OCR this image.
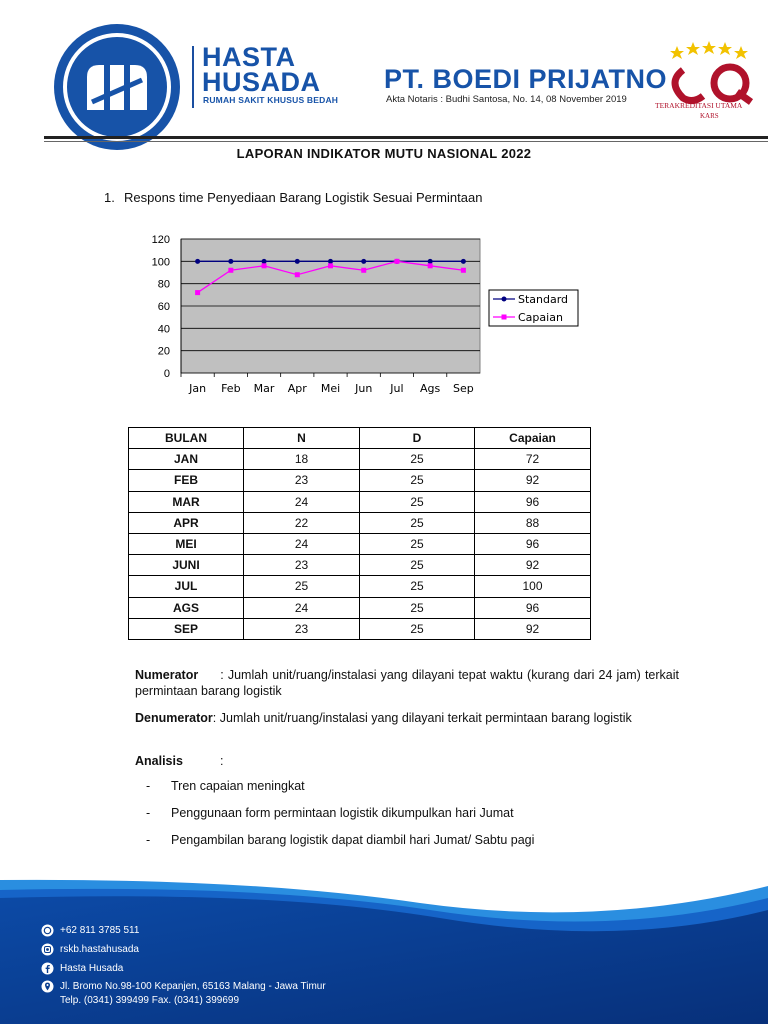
HASTA
HUSADA
RUMAH SAKIT KHUSUS BEDAH
PT. BOEDI PRIJATNO
Akta Notaris : Budhi Santosa, No. 14, 08 November 2019
TERAKREDITASI UTAMA
KARS
LAPORAN INDIKATOR MUTU NASIONAL 2022
1. Respons time Penyediaan Barang Logistik Sesuai Permintaan
0
20
40
60
80
100
120
Jan Feb Mar Apr Mei Jun Jul Ags Sep
Standard
Capaian
BULAN	N	D	Capaian
JAN	18	25	72
FEB	23	25	92
MAR	24	25	96
APR	22	25	88
MEI	24	25	96
JUNI	23	25	92
JUL	25	25	100
AGS	24	25	96
SEP	23	25	92
Numerator : Jumlah unit/ruang/instalasi yang dilayani tepat waktu (kurang dari 24 jam) terkait permintaan barang logistik
Denumerator: Jumlah unit/ruang/instalasi yang dilayani terkait permintaan barang logistik
Analisis	:
- Tren capaian meningkat
- Penggunaan form permintaan logistik dikumpulkan hari Jumat
- Pengambilan barang logistik dapat diambil hari Jumat/ Sabtu pagi
+62 811 3785 511
rskb.hastahusada
Hasta Husada
Jl. Bromo No.98-100 Kepanjen, 65163 Malang - Jawa Timur
Telp. (0341) 399499 Fax. (0341) 399699
